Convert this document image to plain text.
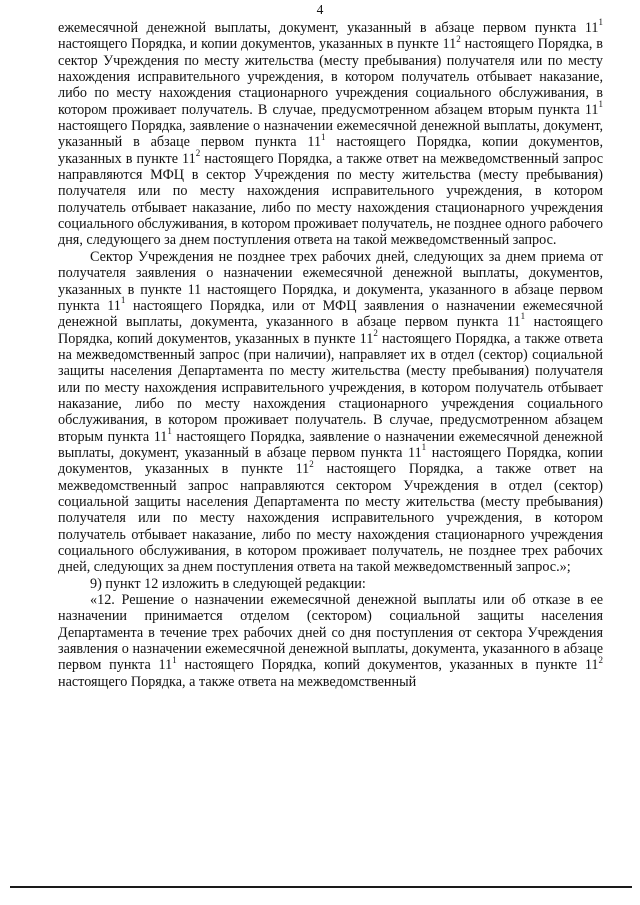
4

ежемесячной денежной выплаты, документ, указанный в абзаце первом пункта $11^1$ настоящего Порядка, и копии документов, указанных в пункте $11^2$ настоящего Порядка, в сектор Учреждения по месту жительства (месту пребывания) получателя или по месту нахождения исправительного учреждения, в котором получатель отбывает наказание, либо по месту нахождения стационарного учреждения социального обслуживания, в котором проживает получатель. В случае, предусмотренном абзацем вторым пункта $11^1$ настоящего Порядка, заявление о назначении ежемесячной денежной выплаты, документ, указанный в абзаце первом пункта $11^1$ настоящего Порядка, копии документов, указанных в пункте $11^2$ настоящего Порядка, а также ответ на межведомственный запрос направляются МФЦ в сектор Учреждения по месту жительства (месту пребывания) получателя или по месту нахождения исправительного учреждения, в котором получатель отбывает наказание, либо по месту нахождения стационарного учреждения социального обслуживания, в котором проживает получатель, не позднее одного рабочего дня, следующего за днем поступления ответа на такой межведомственный запрос.

Сектор Учреждения не позднее трех рабочих дней, следующих за днем приема от получателя заявления о назначении ежемесячной денежной выплаты, документов, указанных в пункте 11 настоящего Порядка, и документа, указанного в абзаце первом пункта $11^1$ настоящего Порядка, или от МФЦ заявления о назначении ежемесячной денежной выплаты, документа, указанного в абзаце первом пункта $11^1$ настоящего Порядка, копий документов, указанных в пункте $11^2$ настоящего Порядка, а также ответа на межведомственный запрос (при наличии), направляет их в отдел (сектор) социальной защиты населения Департамента по месту жительства (месту пребывания) получателя или по месту нахождения исправительного учреждения, в котором получатель отбывает наказание, либо по месту нахождения стационарного учреждения социального обслуживания, в котором проживает получатель. В случае, предусмотренном абзацем вторым пункта $11^1$ настоящего Порядка, заявление о назначении ежемесячной денежной выплаты, документ, указанный в абзаце первом пункта $11^1$ настоящего Порядка, копии документов, указанных в пункте $11^2$ настоящего Порядка, а также ответ на межведомственный запрос направляются сектором Учреждения в отдел (сектор) социальной защиты населения Департамента по месту жительства (месту пребывания) получателя или по месту нахождения исправительного учреждения, в котором получатель отбывает наказание, либо по месту нахождения стационарного учреждения социального обслуживания, в котором проживает получатель, не позднее трех рабочих дней, следующих за днем поступления ответа на такой межведомственный запрос.»;

9) пункт 12 изложить в следующей редакции:

«12. Решение о назначении ежемесячной денежной выплаты или об отказе в ее назначении принимается отделом (сектором) социальной защиты населения Департамента в течение трех рабочих дней со дня поступления от сектора Учреждения заявления о назначении ежемесячной денежной выплаты, документа, указанного в абзаце первом пункта $11^1$ настоящего Порядка, копий документов, указанных в пункте $11^2$ настоящего Порядка, а также ответа на межведомственный
